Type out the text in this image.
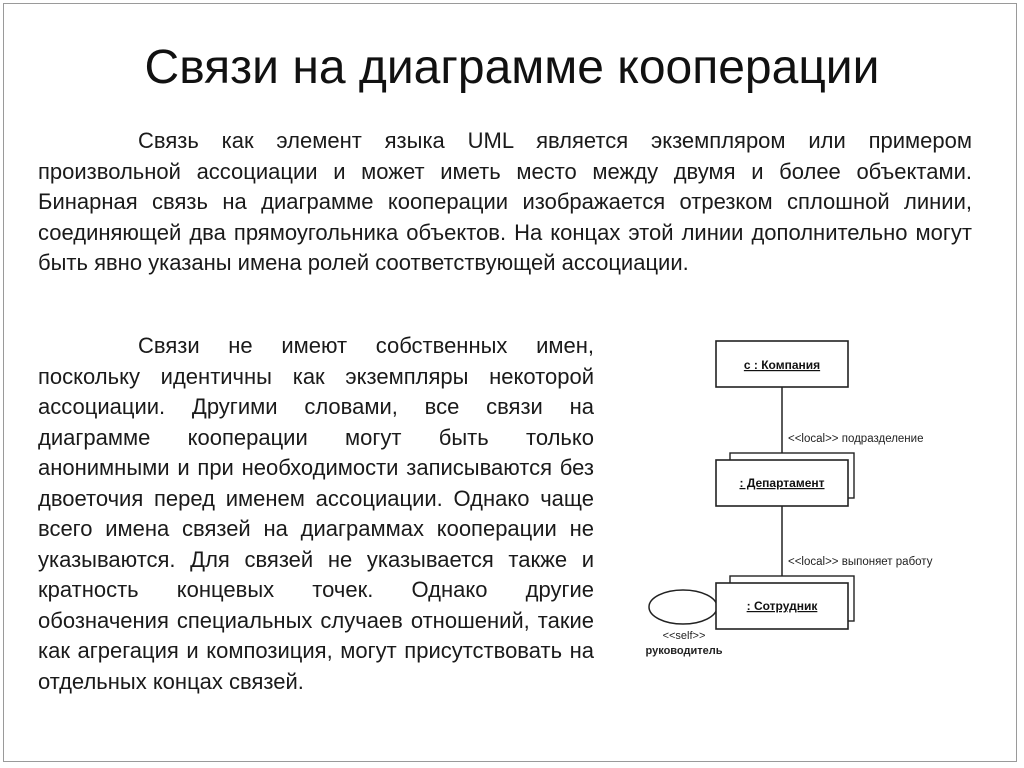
Связи на диаграмме кооперации

Связь как элемент языка UML является экземпляром или примером произвольной ассоциации и может иметь место между двумя и более объектами. Бинарная связь на диаграмме кооперации изображается отрезком сплошной линии, соединяющей два прямоугольника объектов. На концах этой линии дополнительно могут быть явно указаны имена ролей соответствующей ассоциации.

Связи не имеют собственных имен, поскольку идентичны как экземпляры некоторой ассоциации. Другими словами, все связи на диаграмме кооперации могут быть только анонимными и при необходимости записываются без двоеточия перед именем ассоциации. Однако чаще всего имена связей на диаграммах кооперации не указываются. Для связей не указывается также и кратность концевых точек. Однако другие обозначения специальных случаев отношений, такие как агрегация и композиция, могут присутствовать на отдельных концах связей.

с : Компания
: Департамент
: Сотрудник
<<local>> подразделение
<<local>> выпоняет работу
<<self>>
руководитель
